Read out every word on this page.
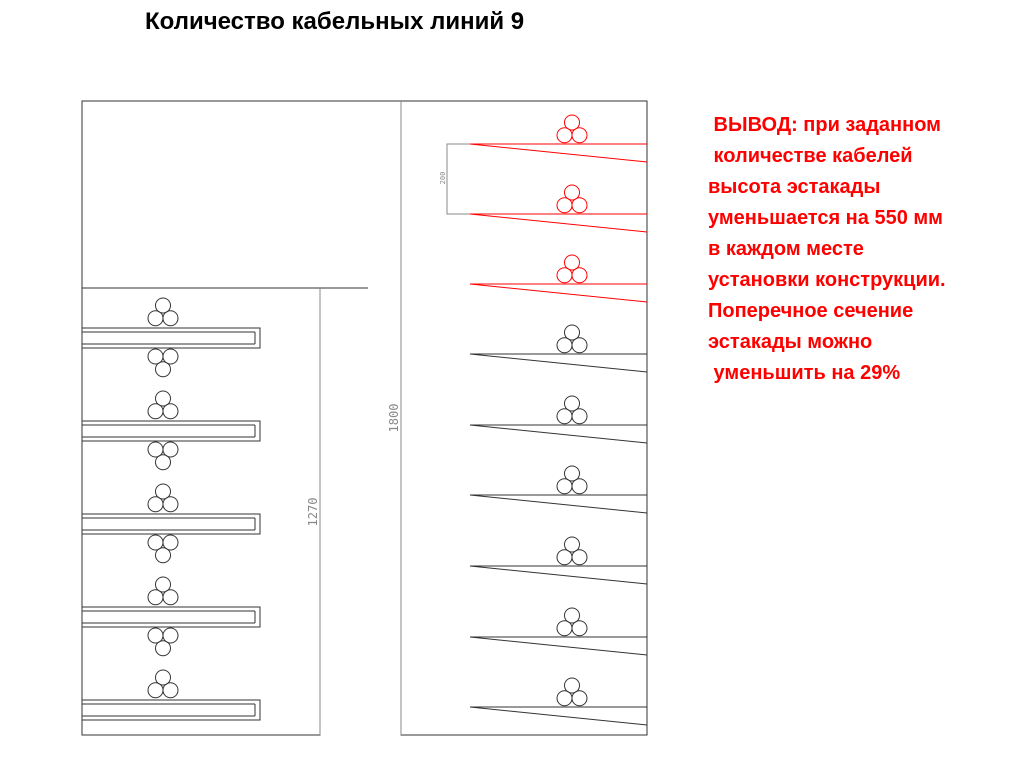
Количество кабельных линий 9
1270
1800
200
ВЫВОД: при заданном
количестве кабелей
высота эстакады
уменьшается на 550 мм
в каждом месте
установки конструкции.
Поперечное сечение
эстакады можно
уменьшить на 29%
